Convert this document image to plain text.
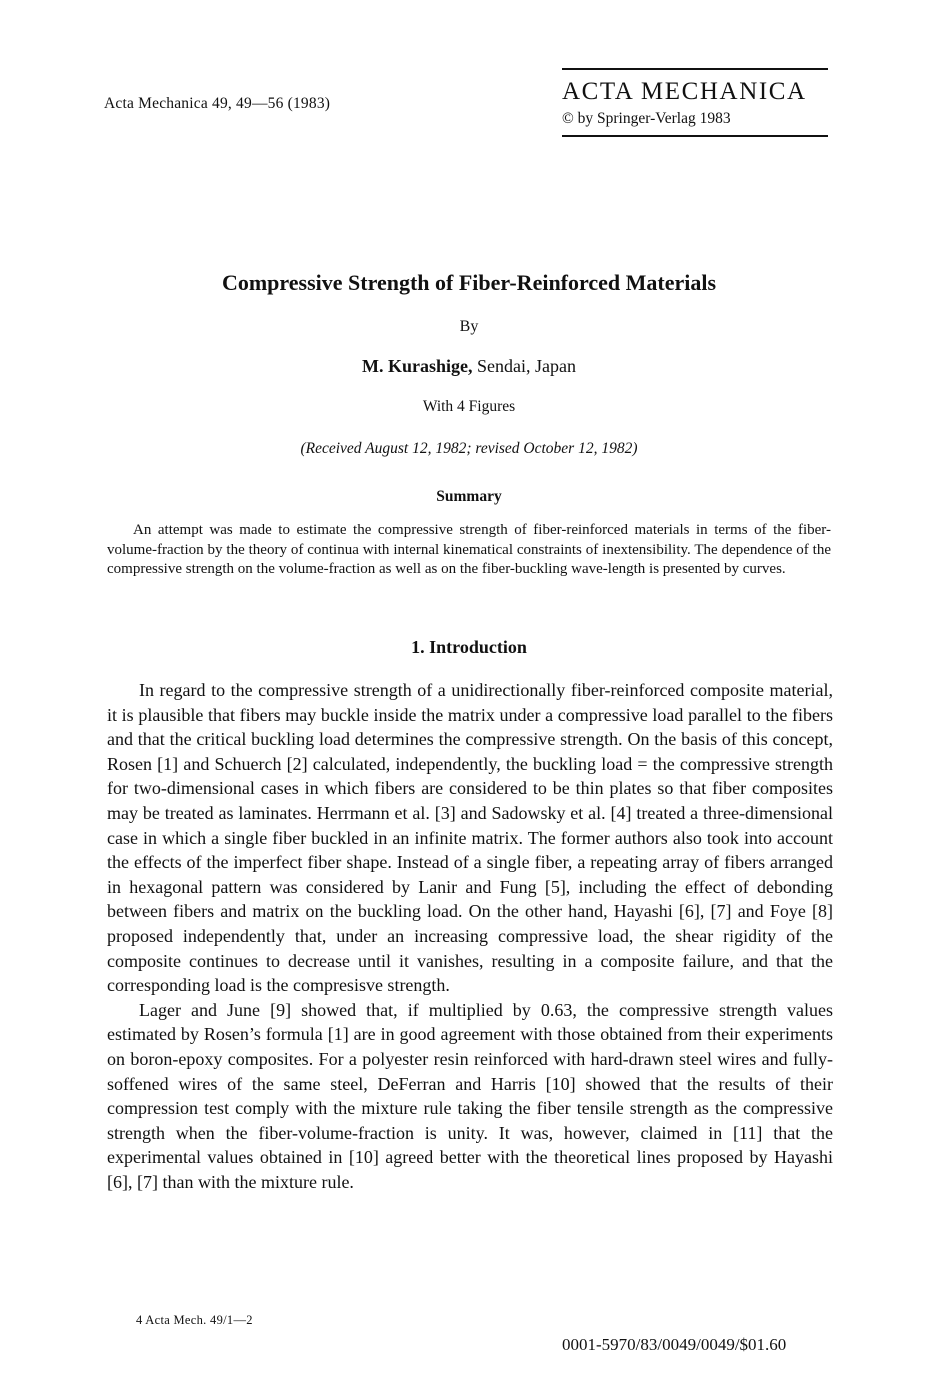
Acta Mechanica 49, 49—56 (1983)	ACTA MECHANICA
© by Springer-Verlag 1983
Compressive Strength of Fiber-Reinforced Materials
By
M. Kurashige, Sendai, Japan
With 4 Figures
(Received August 12, 1982; revised October 12, 1982)
Summary
An attempt was made to estimate the compressive strength of fiber-reinforced materials in terms of the fiber-volume-fraction by the theory of continua with internal kinematical constraints of inextensibility. The dependence of the compressive strength on the volume-fraction as well as on the fiber-buckling wave-length is presented by curves.
1. Introduction

In regard to the compressive strength of a unidirectionally fiber-reinforced composite material, it is plausible that fibers may buckle inside the matrix under a compressive load parallel to the fibers and that the critical buckling load determines the compressive strength. On the basis of this concept, Rosen [1] and Schuerch [2] calculated, independently, the buckling load = the compressive strength for two-dimensional cases in which fibers are considered to be thin plates so that fiber composites may be treated as laminates. Herrmann et al. [3] and Sadowsky et al. [4] treated a three-dimensional case in which a single fiber buckled in an infinite matrix. The former authors also took into account the effects of the imperfect fiber shape. Instead of a single fiber, a repeating array of fibers arranged in hexagonal pattern was considered by Lanir and Fung [5], including the effect of debonding between fibers and matrix on the buckling load. On the other hand, Hayashi [6], [7] and Foye [8] proposed independently that, under an increasing compressive load, the shear rigidity of the composite continues to decrease until it vanishes, resulting in a composite failure, and that the corresponding load is the compresisve strength.

Lager and June [9] showed that, if multiplied by 0.63, the compressive strength values estimated by Rosen’s formula [1] are in good agreement with those obtained from their experiments on boron-epoxy composites. For a polyester resin reinforced with hard-drawn steel wires and fully-soffened wires of the same steel, DeFerran and Harris [10] showed that the results of their compression test comply with the mixture rule taking the fiber tensile strength as the compressive strength when the fiber-volume-fraction is unity. It was, however, claimed in [11] that the experimental values obtained in [10] agreed better with the theoretical lines proposed by Hayashi [6], [7] than with the mixture rule.

4 Acta Mech. 49/1—2
0001-5970/83/0049/0049/$01.60
